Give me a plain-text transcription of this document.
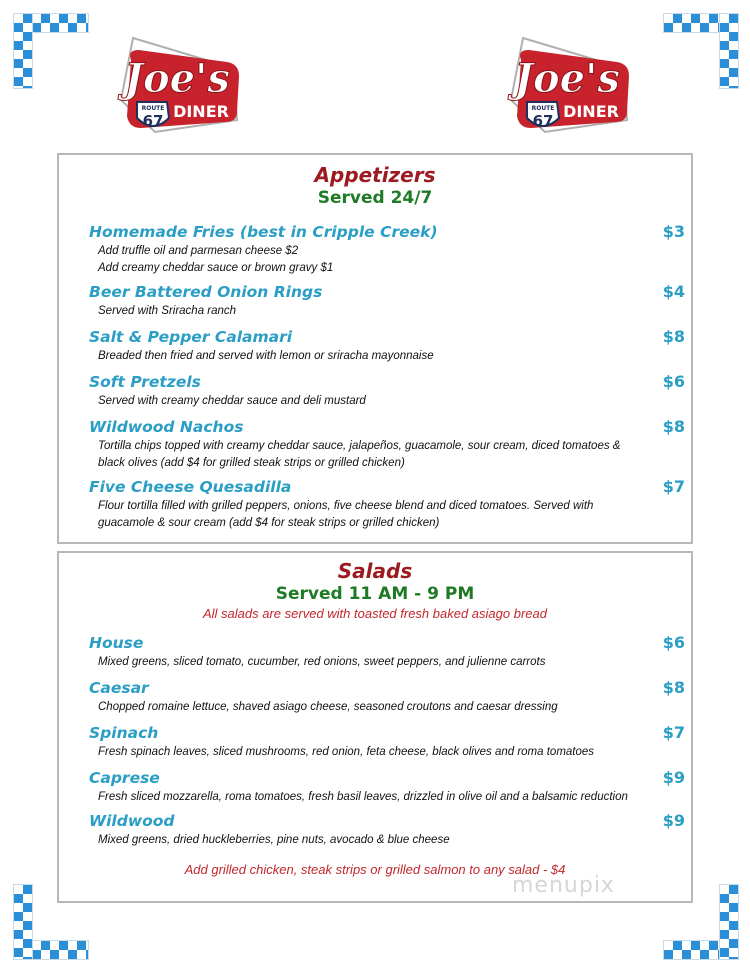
Joe's
DINER
ROUTE
67
Joe's
DINER
ROUTE
67
Appetizers
Served 24/7
Homemade Fries (best in Cripple Creek)	$3
Add truffle oil and parmesan cheese $2
Add creamy cheddar sauce or brown gravy $1
Beer Battered Onion Rings	$4
Served with Sriracha ranch
Salt & Pepper Calamari	$8
Breaded then fried and served with lemon or sriracha mayonnaise
Soft Pretzels	$6
Served with creamy cheddar sauce and deli mustard
Wildwood Nachos	$8
Tortilla chips topped with creamy cheddar sauce, jalapeños, guacamole, sour cream, diced tomatoes & black olives (add $4 for grilled steak strips or grilled chicken)
Five Cheese Quesadilla	$7
Flour tortilla filled with grilled peppers, onions, five cheese blend and diced tomatoes. Served with guacamole & sour cream (add $4 for steak strips or grilled chicken)
Salads
Served 11 AM - 9 PM
All salads are served with toasted fresh baked asiago bread
House	$6
Mixed greens, sliced tomato, cucumber, red onions, sweet peppers, and julienne carrots
Caesar	$8
Chopped romaine lettuce, shaved asiago cheese, seasoned croutons and caesar dressing
Spinach	$7
Fresh spinach leaves, sliced mushrooms, red onion, feta cheese, black olives and roma tomatoes
Caprese	$9
Fresh sliced mozzarella, roma tomatoes, fresh basil leaves, drizzled in olive oil and a balsamic reduction
Wildwood	$9
Mixed greens, dried huckleberries, pine nuts, avocado & blue cheese
Add grilled chicken, steak strips or grilled salmon to any salad - $4
menupix
